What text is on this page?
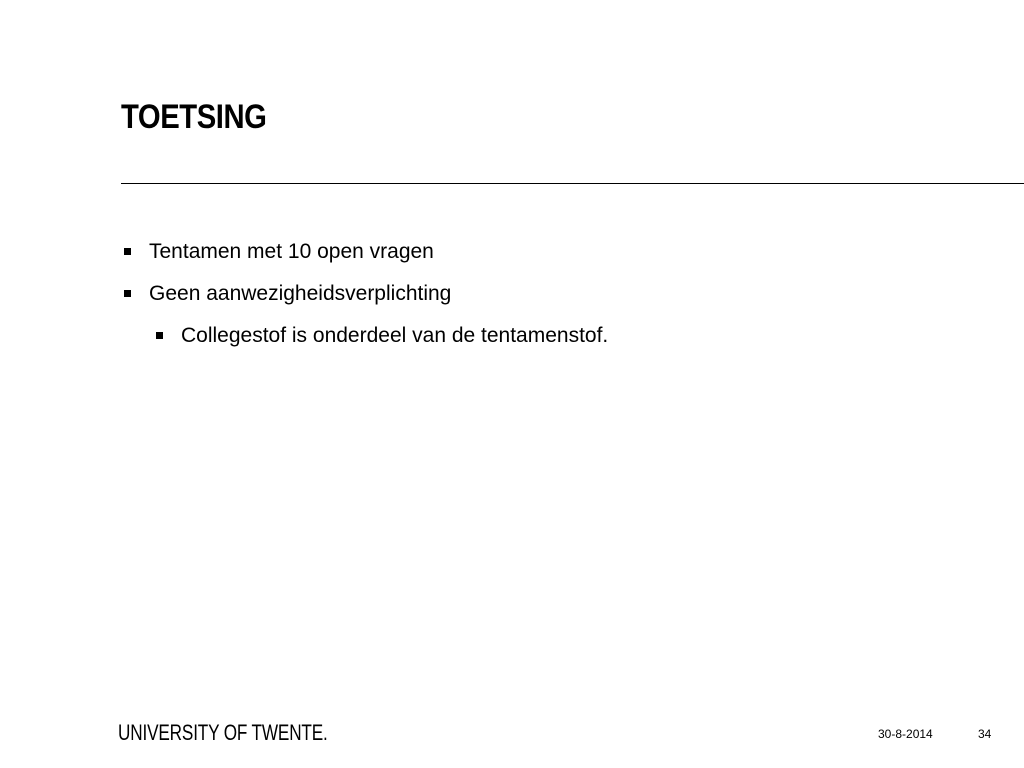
TOETSING
Tentamen met 10 open vragen
Geen aanwezigheidsverplichting
Collegestof is onderdeel van de tentamenstof.
UNIVERSITY OF TWENTE.	30-8-2014	34
